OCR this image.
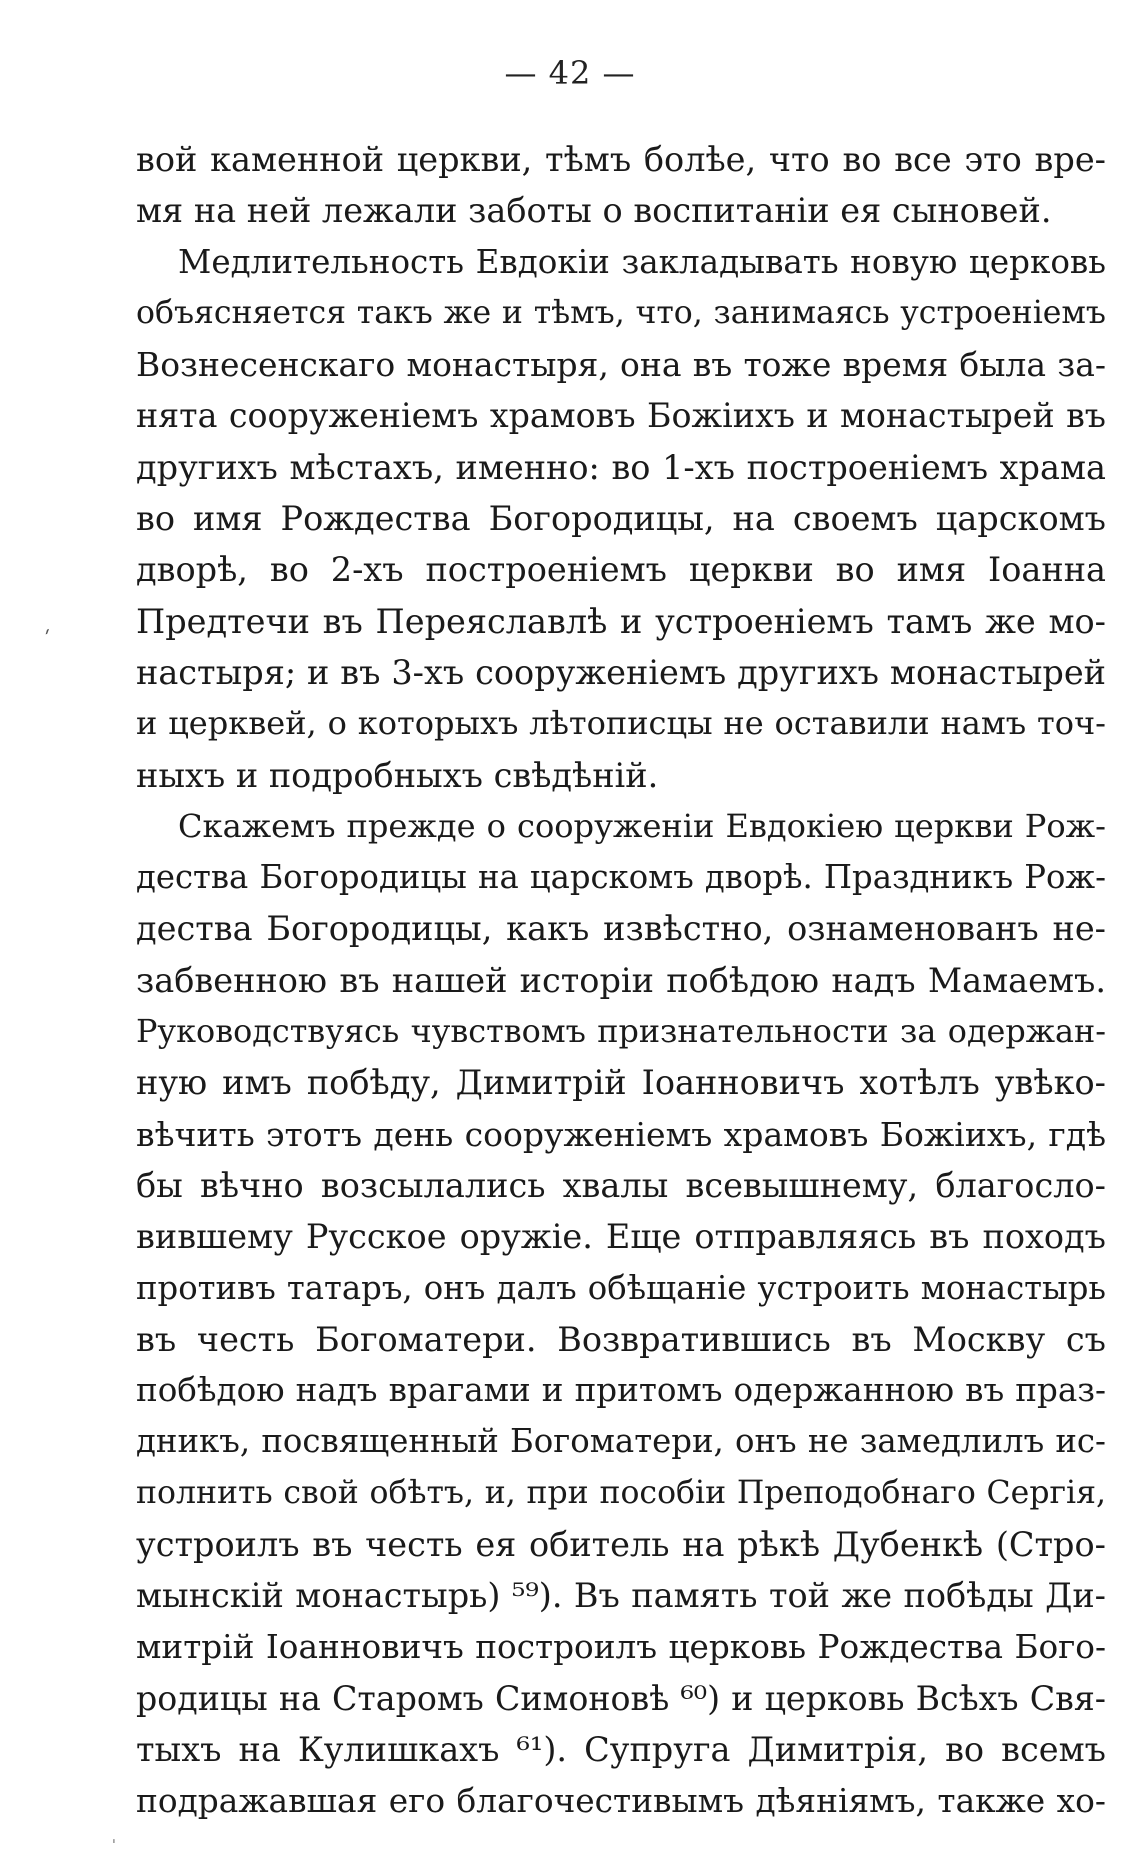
— 42 —
вой каменной церкви, тѣмъ болѣе, что во все это вре-
мя на ней лежали заботы о воспитаніи ея сыновей.
Медлительность Евдокіи закладывать новую церковь
объясняется такъ же и тѣмъ, что, занимаясь устроеніемъ
Вознесенскаго монастыря, она въ тоже время была за-
нята сооруженіемъ храмовъ Божіихъ и монастырей въ
другихъ мѣстахъ, именно: во 1-хъ построеніемъ храма
во имя Рождества Богородицы, на своемъ царскомъ
дворѣ, во 2-хъ построеніемъ церкви во имя Іоанна
Предтечи въ Переяславлѣ и устроеніемъ тамъ же мо-
настыря; и въ 3-хъ сооруженіемъ другихъ монастырей
и церквей, о которыхъ лѣтописцы не оставили намъ точ-
ныхъ и подробныхъ свѣдѣній.
Скажемъ прежде о сооруженіи Евдокіею церкви Рож-
дества Богородицы на царскомъ дворѣ. Праздникъ Рож-
дества Богородицы, какъ извѣстно, ознаменованъ не-
забвенною въ нашей исторіи побѣдою надъ Мамаемъ.
Руководствуясь чувствомъ признательности за одержан-
ную имъ побѣду, Димитрій Іоанновичъ хотѣлъ увѣко-
вѣчить этотъ день сооруженіемъ храмовъ Божіихъ, гдѣ
бы вѣчно возсылались хвалы всевышнему, благосло-
вившему Русское оружіе. Еще отправляясь въ походъ
противъ татаръ, онъ далъ обѣщаніе устроить монастырь
въ честь Богоматери. Возвратившись въ Москву съ
побѣдою надъ врагами и притомъ одержанною въ праз-
дникъ, посвященный Богоматери, онъ не замедлилъ ис-
полнить свой обѣтъ, и, при пособіи Преподобнаго Сергія,
устроилъ въ честь ея обитель на рѣкѣ Дубенкѣ (Стро-
мынскій монастырь) ⁵⁹). Въ память той же побѣды Ди-
митрій Іоанновичъ построилъ церковь Рождества Бого-
родицы на Старомъ Симоновѣ ⁶⁰) и церковь Всѣхъ Свя-
тыхъ на Кулишкахъ ⁶¹). Супруга Димитрія, во всемъ
подражавшая его благочестивымъ дѣяніямъ, также хо-
ˊ
ˈ
